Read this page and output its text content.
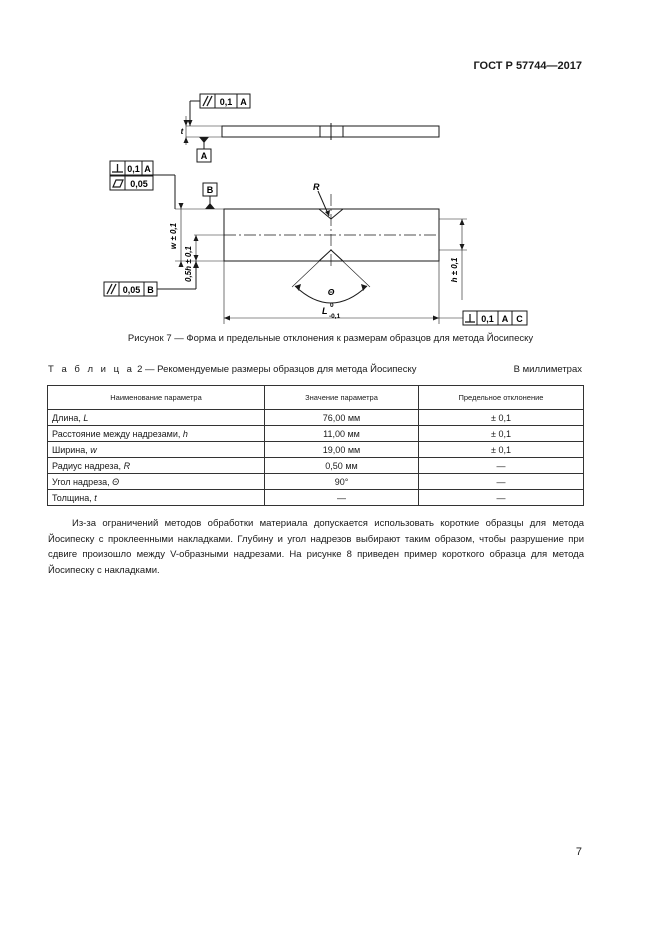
ГОСТ Р 57744—2017
0,1 A
A
0,1 A
0,05
B
0,05 B
0,1 A C
t
w ± 0,1
0,5h ± 0,1	h ± 0,1
R
Θ
L
0
-0,1
Рисунок 7 — Форма и предельные отклонения к размерам образцов для метода Йосипеску
Т а б л и ц а 2 — Рекомендуемые размеры образцов для метода Йосипеску	В миллиметрах
Наименование параметра	Значение параметра	Предельное отклонение
Длина, L	76,00 мм	± 0,1
Расстояние между надрезами, h	11,00 мм	± 0,1
Ширина, w	19,00 мм	± 0,1
Радиус надреза, R	0,50 мм	—
Угол надреза, Θ	90°	—
Толщина, t	—	—

Из-за ограничений методов обработки материала допускается использовать короткие образцы для метода Йосипеску с проклеенными накладками. Глубину и угол надрезов выбирают таким образом, чтобы разрушение при сдвиге произошло между V-образными надрезами. На рисунке 8 приведен пример короткого образца для метода Йосипеску с накладками.

7
